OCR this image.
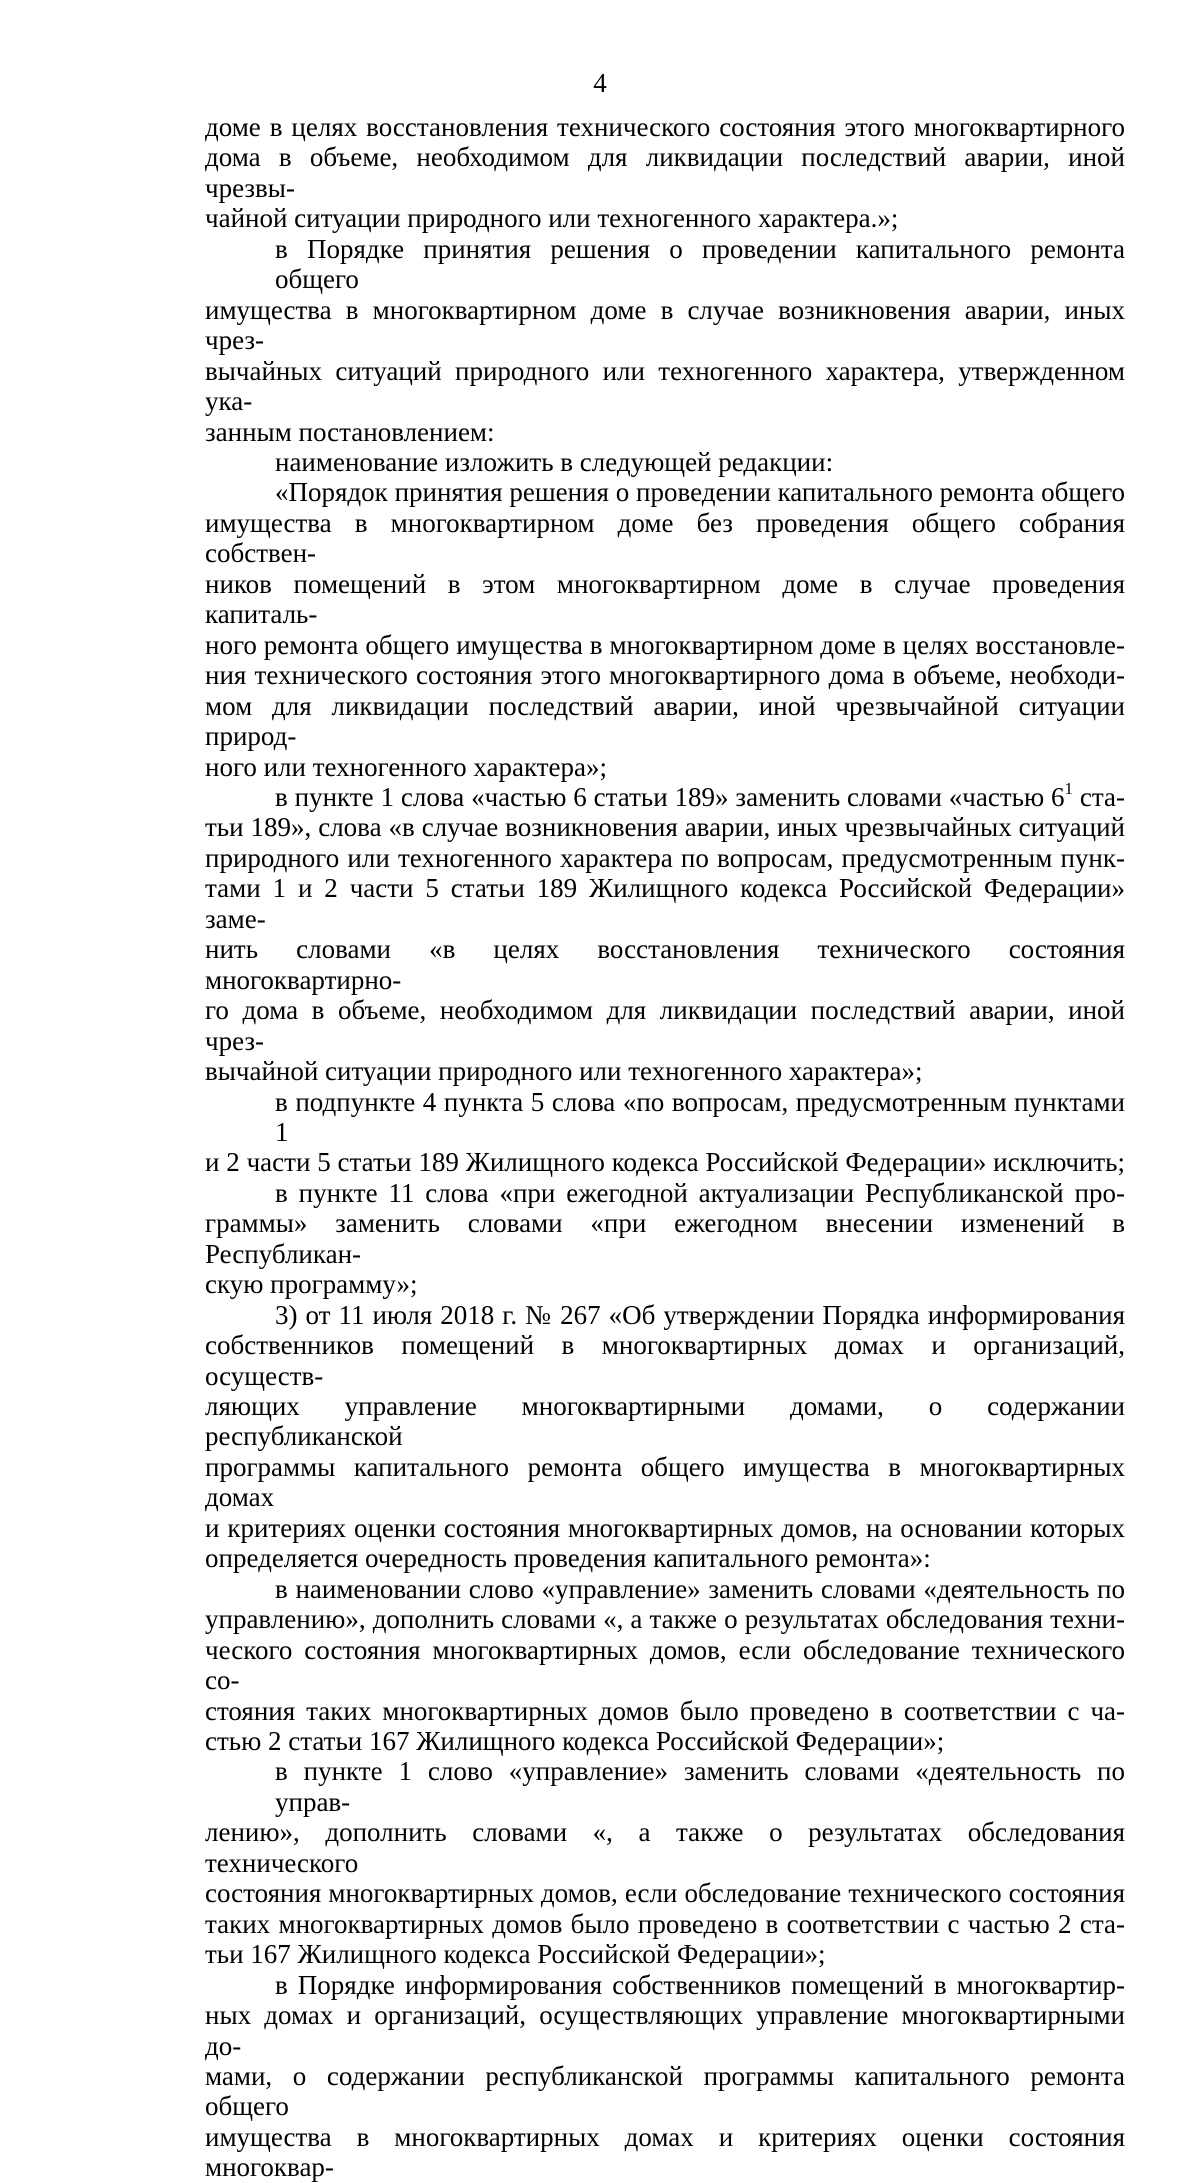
4
доме в целях восстановления технического состояния этого многоквартирного
дома в объеме, необходимом для ликвидации последствий аварии, иной чрезвы-
чайной ситуации природного или техногенного характера.»;
в Порядке принятия решения о проведении капитального ремонта общего
имущества в многоквартирном доме в случае возникновения аварии, иных чрез-
вычайных ситуаций природного или техногенного характера, утвержденном ука-
занным постановлением:
наименование изложить в следующей редакции:
«Порядок принятия решения о проведении капитального ремонта общего
имущества в многоквартирном доме без проведения общего собрания собствен-
ников помещений в этом многоквартирном доме в случае проведения капиталь-
ного ремонта общего имущества в многоквартирном доме в целях восстановле-
ния технического состояния этого многоквартирного дома в объеме, необходи-
мом для ликвидации последствий аварии, иной чрезвычайной ситуации природ-
ного или техногенного характера»;
в пункте 1 слова «частью 6 статьи 189» заменить словами «частью $6^1$ ста-
тьи 189», слова «в случае возникновения аварии, иных чрезвычайных ситуаций
природного или техногенного характера по вопросам, предусмотренным пунк-
тами 1 и 2 части 5 статьи 189 Жилищного кодекса Российской Федерации» заме-
нить словами «в целях восстановления технического состояния многоквартирно-
го дома в объеме, необходимом для ликвидации последствий аварии, иной чрез-
вычайной ситуации природного или техногенного характера»;
в подпункте 4 пункта 5 слова «по вопросам, предусмотренным пунктами 1
и 2 части 5 статьи 189 Жилищного кодекса Российской Федерации» исключить;
в пункте 11 слова «при ежегодной актуализации Республиканской про-
граммы» заменить словами «при ежегодном внесении изменений в Республикан-
скую программу»;
3) от 11 июля 2018 г. № 267 «Об утверждении Порядка информирования
собственников помещений в многоквартирных домах и организаций, осуществ-
ляющих управление многоквартирными домами, о содержании республиканской
программы капитального ремонта общего имущества в многоквартирных домах
и критериях оценки состояния многоквартирных домов, на основании которых
определяется очередность проведения капитального ремонта»:
в наименовании слово «управление» заменить словами «деятельность по
управлению», дополнить словами «, а также о результатах обследования техни-
ческого состояния многоквартирных домов, если обследование технического со-
стояния таких многоквартирных домов было проведено в соответствии с ча-
стью 2 статьи 167 Жилищного кодекса Российской Федерации»;
в пункте 1 слово «управление» заменить словами «деятельность по управ-
лению», дополнить словами «, а также о результатах обследования технического
состояния многоквартирных домов, если обследование технического состояния
таких многоквартирных домов было проведено в соответствии с частью 2 ста-
тьи 167 Жилищного кодекса Российской Федерации»;
в Порядке информирования собственников помещений в многоквартир-
ных домах и организаций, осуществляющих управление многоквартирными до-
мами, о содержании республиканской программы капитального ремонта общего
имущества в многоквартирных домах и критериях оценки состояния многоквар-
